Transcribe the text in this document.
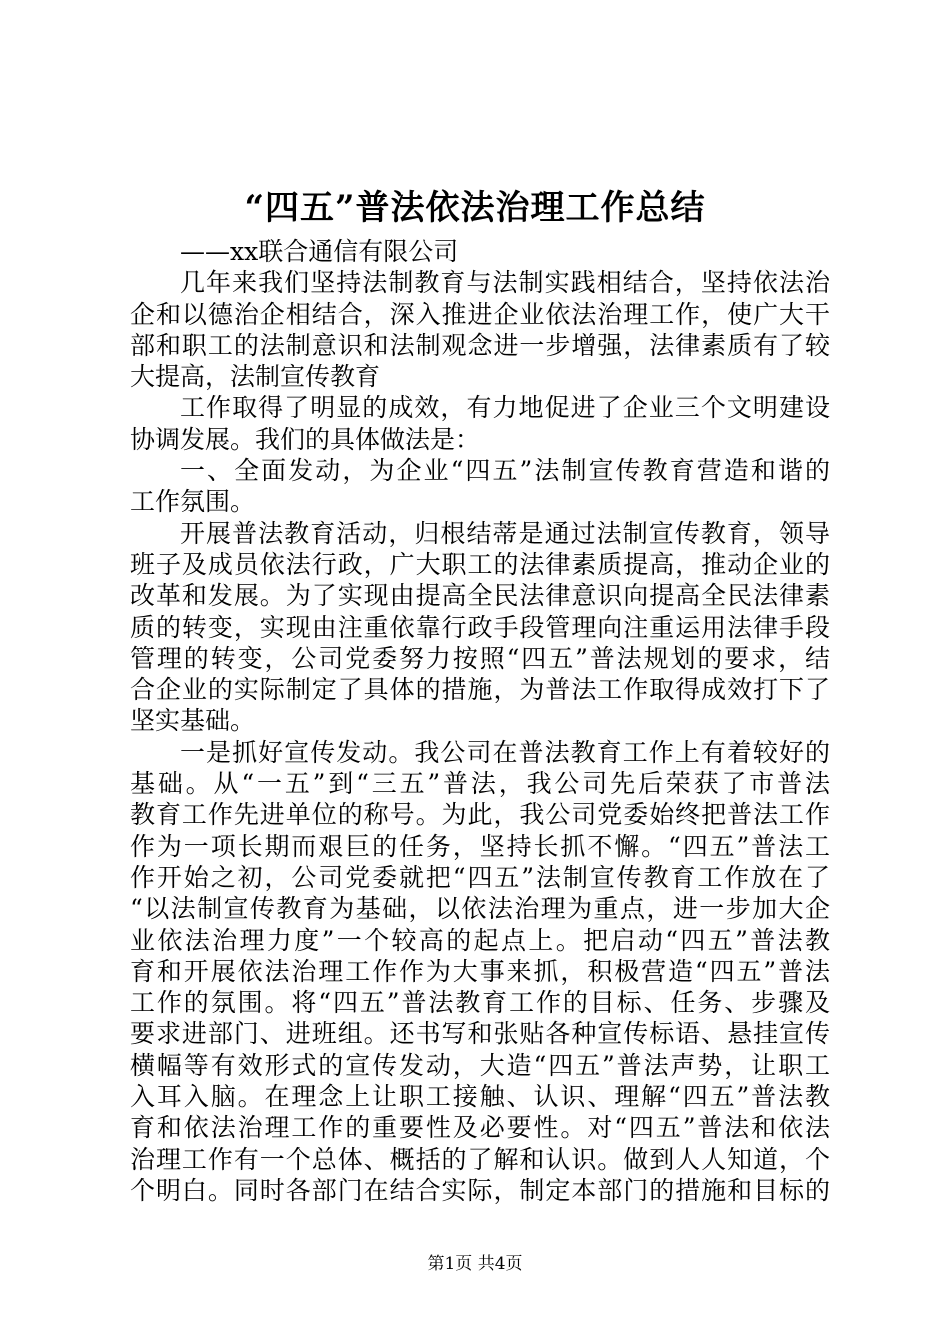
“四五”普法依法治理工作总结
——xx联合通信有限公司
几年来我们坚持法制教育与法制实践相结合，坚持依法治
企和以德治企相结合，深入推进企业依法治理工作，使广大干
部和职工的法制意识和法制观念进一步增强，法律素质有了较
大提高，法制宣传教育
工作取得了明显的成效，有力地促进了企业三个文明建设
协调发展。我们的具体做法是：
一、全面发动，为企业“四五”法制宣传教育营造和谐的
工作氛围。
开展普法教育活动，归根结蒂是通过法制宣传教育，领导
班子及成员依法行政，广大职工的法律素质提高，推动企业的
改革和发展。为了实现由提高全民法律意识向提高全民法律素
质的转变，实现由注重依靠行政手段管理向注重运用法律手段
管理的转变，公司党委努力按照“四五”普法规划的要求，结
合企业的实际制定了具体的措施，为普法工作取得成效打下了
坚实基础。
一是抓好宣传发动。我公司在普法教育工作上有着较好的
基础。从“一五”到“三五”普法，我公司先后荣获了市普法
教育工作先进单位的称号。为此，我公司党委始终把普法工作
作为一项长期而艰巨的任务，坚持长抓不懈。“四五”普法工
作开始之初，公司党委就把“四五”法制宣传教育工作放在了
“以法制宣传教育为基础，以依法治理为重点，进一步加大企
业依法治理力度”一个较高的起点上。把启动“四五”普法教
育和开展依法治理工作作为大事来抓，积极营造“四五”普法
工作的氛围。将“四五”普法教育工作的目标、任务、步骤及
要求进部门、进班组。还书写和张贴各种宣传标语、悬挂宣传
横幅等有效形式的宣传发动，大造“四五”普法声势，让职工
入耳入脑。在理念上让职工接触、认识、理解“四五”普法教
育和依法治理工作的重要性及必要性。对“四五”普法和依法
治理工作有一个总体、概括的了解和认识。做到人人知道，个
个明白。同时各部门在结合实际，制定本部门的措施和目标的
第1页 共4页
